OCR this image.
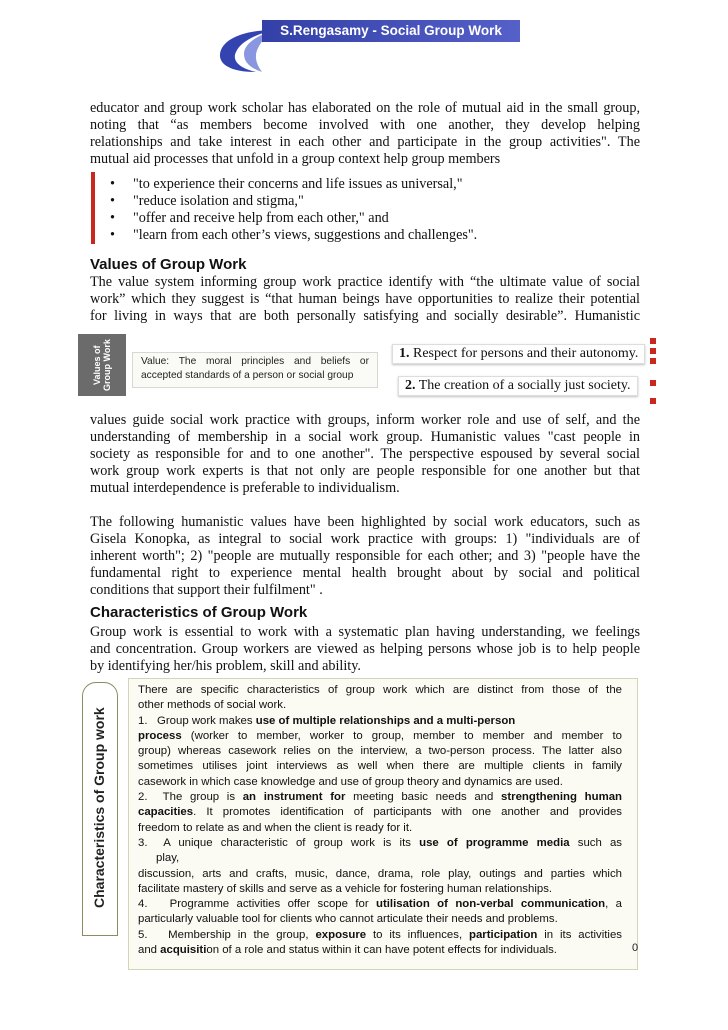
S.Rengasamy - Social Group Work

educator and group work scholar has elaborated on the role of mutual aid in the small group,
noting that “as members become involved with one another, they develop helping
relationships and take interest in each other and participate in the group activities". The
mutual aid processes that unfold in a group context help group members

• "to experience their concerns and life issues as universal,"
• "reduce isolation and stigma,"
• "offer and receive help from each other," and
• "learn from each other’s views, suggestions and challenges".
Values of Group Work

The value system informing group work practice identify with “the ultimate value of social
work” which they suggest is “that human beings have opportunities to realize their potential
for living in ways that are both personally satisfying and socially desirable”. Humanistic

Values of Group Work	Value: The moral principles and beliefs or accepted standards of a person or social group
1. Respect for persons and their autonomy.
2. The creation of a socially just society.

values guide social work practice with groups, inform worker role and use of self, and the
understanding of membership in a social work group. Humanistic values "cast people in
society as responsible for and to one another". The perspective espoused by several social
work group work experts is that not only are people responsible for one another but that
mutual interdependence is preferable to individualism.

The following humanistic values have been highlighted by social work educators, such as
Gisela Konopka, as integral to social work practice with groups: 1) "individuals are of
inherent worth"; 2) "people are mutually responsible for each other; and 3) "people have the
fundamental right to experience mental health brought about by social and political
conditions that support their fulfilment" .

Characteristics of Group Work

Group work is essential to work with a systematic plan having understanding, we feelings
and concentration. Group workers are viewed as helping persons whose job is to help people
by identifying her/his problem, skill and ability.

Characteristics of Group work
There are specific characteristics of group work which are distinct from those of the
other methods of social work.
1.   Group work makes use of multiple relationships and a multi-person
process (worker to member, worker to group, member to member and member to
group) whereas casework relies on the interview, a two-person process. The latter also
sometimes utilises joint interviews as well when there are multiple clients in family
casework in which case knowledge and use of group theory and dynamics are used.
2.  The group is an instrument for meeting basic needs and strengthening human
capacities. It promotes identification of participants with one another and provides
freedom to relate as and when the client is ready for it.
3.  A unique characteristic of group work is its use of programme media such as
play,
discussion, arts and crafts, music, dance, drama, role play, outings and parties which
facilitate mastery of skills and serve as a vehicle for fostering human relationships.
4.   Programme activities offer scope for utilisation of non-verbal communication, a
particularly valuable tool for clients who cannot articulate their needs and problems.
5.   Membership in the group, exposure to its influences, participation in its activities
and acquisition of a role and status within it can have potent effects for individuals.	0
